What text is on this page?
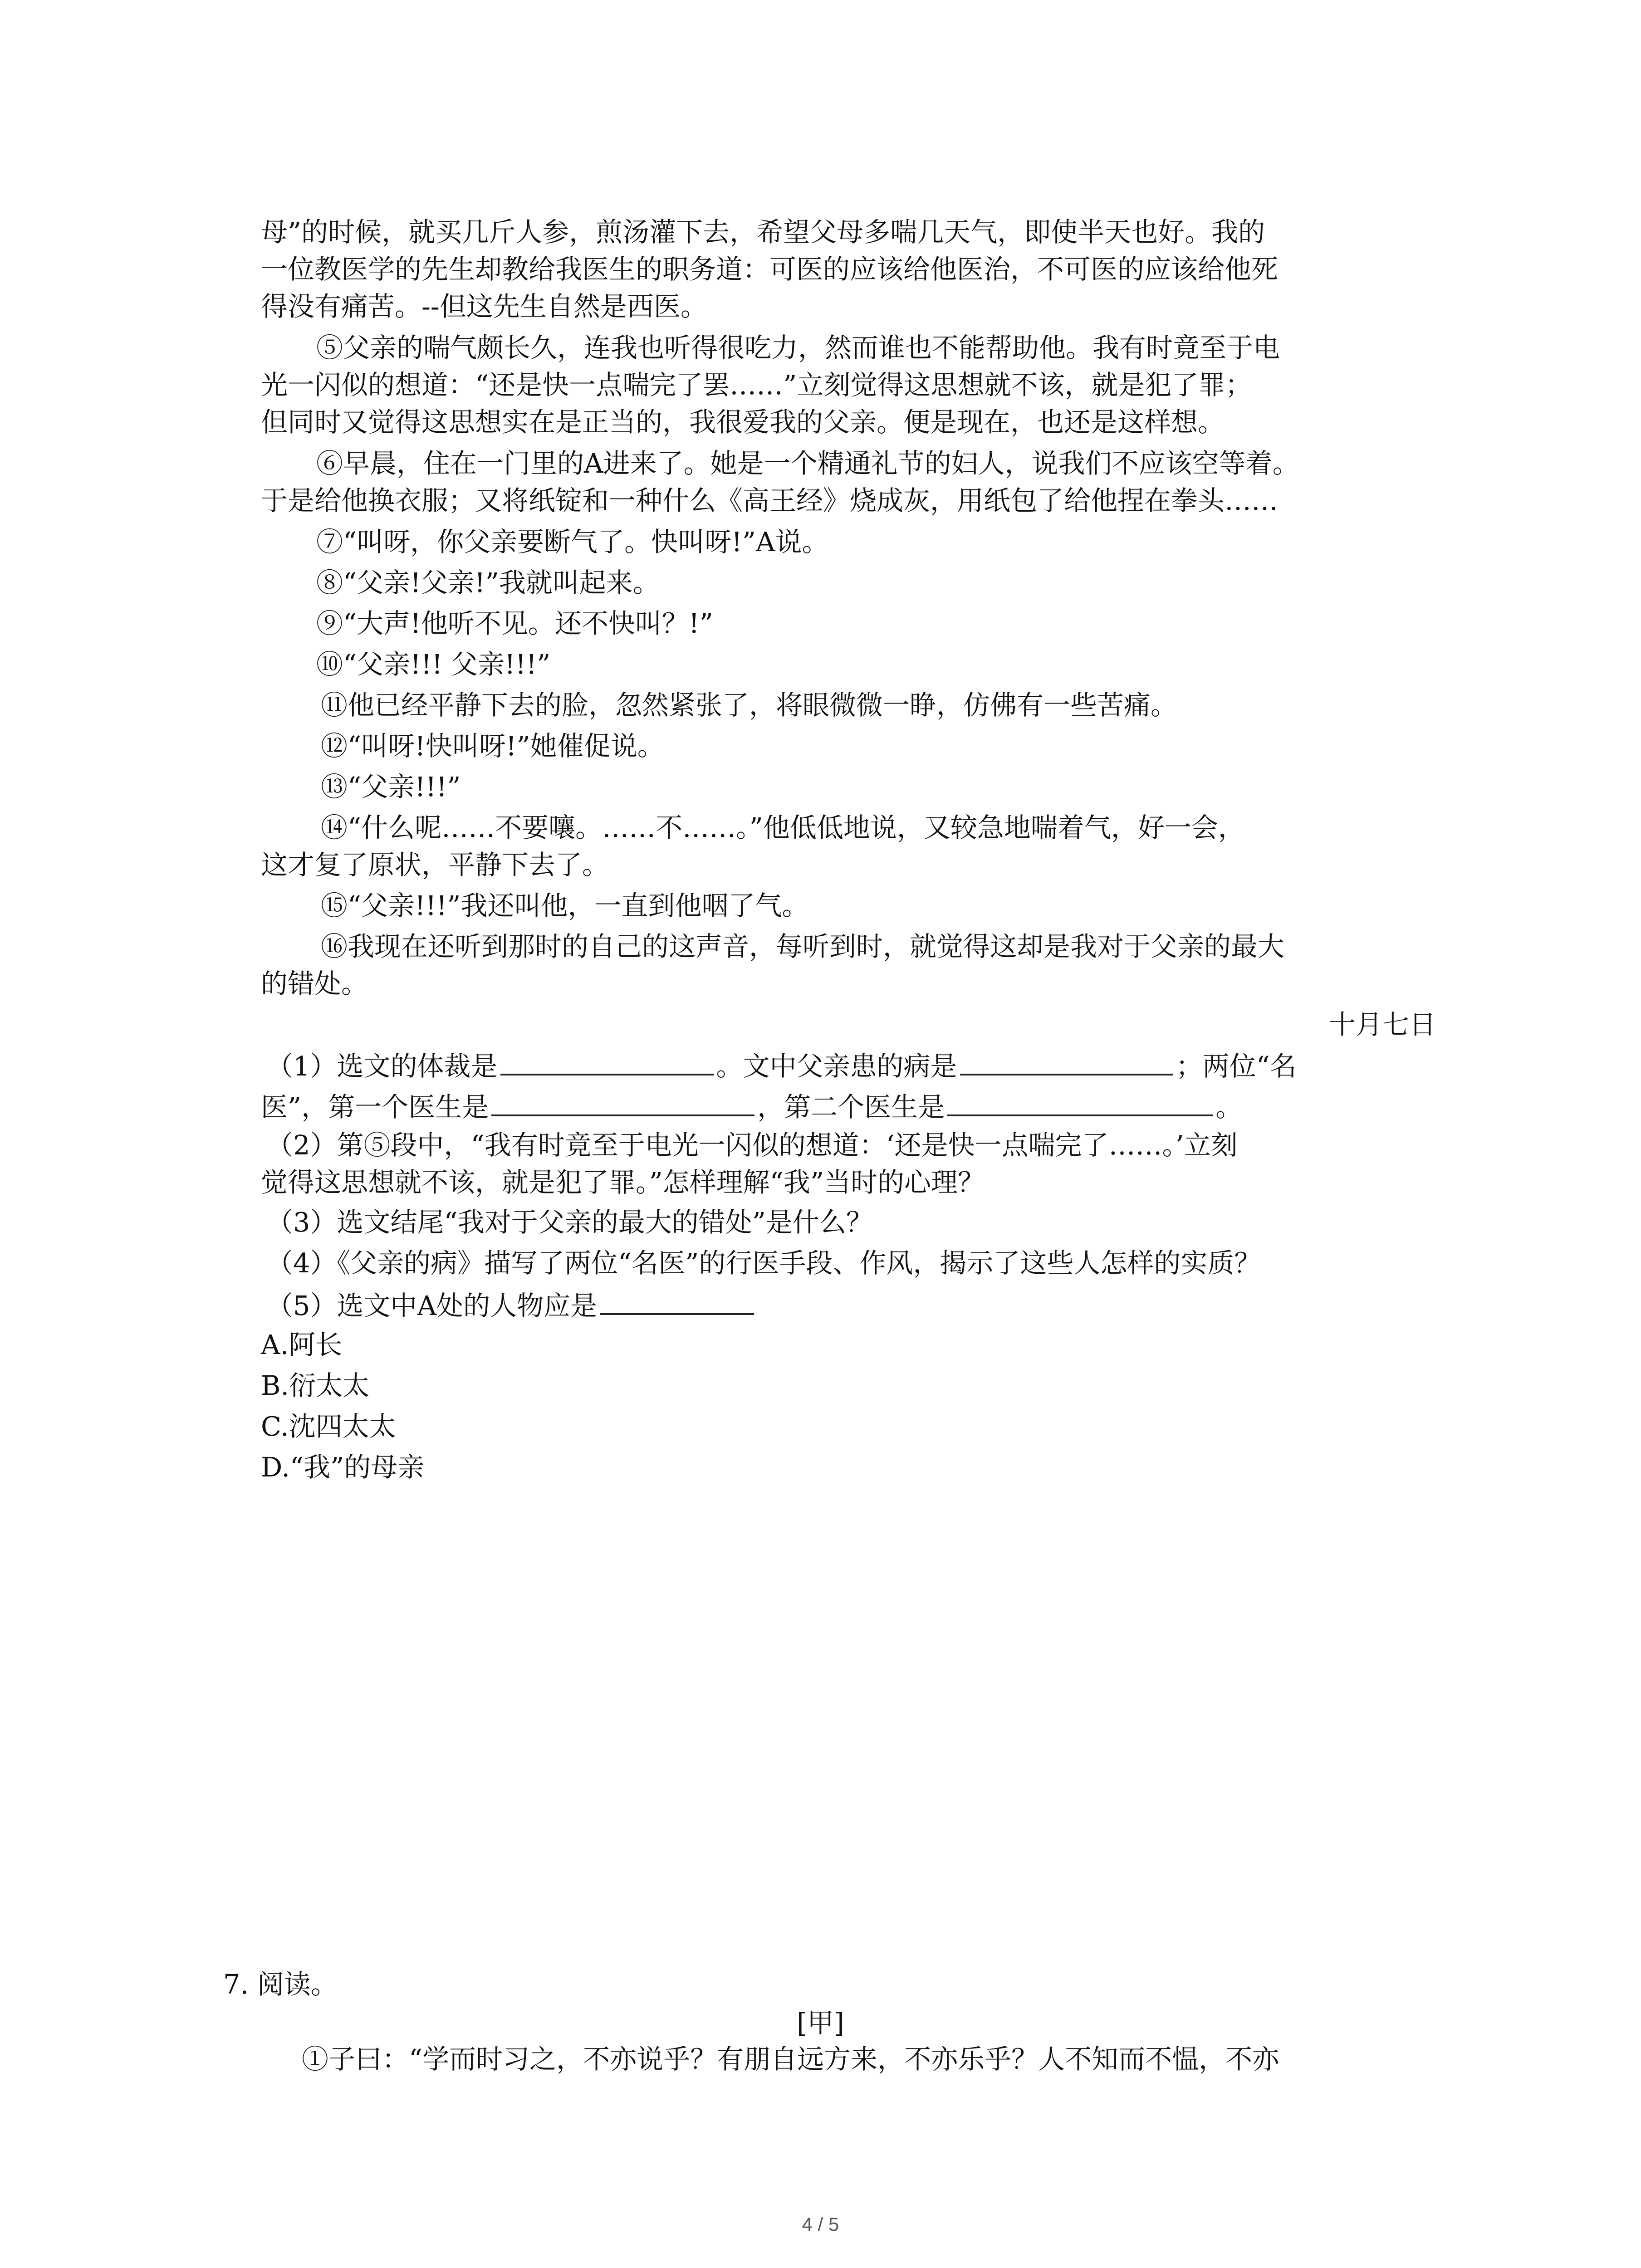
母”的时候，就买几斤人参，煎汤灌下去，希望父母多喘几天气，即使半天也好。我的
一位教医学的先生却教给我医生的职务道：可医的应该给他医治，不可医的应该给他死
得没有痛苦。--但这先生自然是西医。
⑤父亲的喘气颇长久，连我也听得很吃力，然而谁也不能帮助他。我有时竟至于电
光一闪似的想道：“还是快一点喘完了罢……”立刻觉得这思想就不该，就是犯了罪；
但同时又觉得这思想实在是正当的，我很爱我的父亲。便是现在，也还是这样想。
⑥早晨，住在一门里的A进来了。她是一个精通礼节的妇人，说我们不应该空等着。
于是给他换衣服；又将纸锭和一种什么《高王经》烧成灰，用纸包了给他捏在拳头……
⑦“叫呀，你父亲要断气了。快叫呀!”A说。
⑧“父亲!父亲!”我就叫起来。
⑨“大声!他听不见。还不快叫？!”
⑩“父亲!!! 父亲!!!”
⑪他已经平静下去的脸，忽然紧张了，将眼微微一睁，仿佛有一些苦痛。
⑫“叫呀!快叫呀!”她催促说。
⑬“父亲!!!”
⑭“什么呢……不要嚷。……不……。”他低低地说，又较急地喘着气，好一会，
这才复了原状，平静下去了。
⑮“父亲!!!”我还叫他，一直到他咽了气。
⑯我现在还听到那时的自己的这声音，每听到时，就觉得这却是我对于父亲的最大
的错处。
十月七日
（1）选文的体裁是	。文中父亲患的病是	；两位“名
医”，第一个医生是	，第二个医生是	。
（2）第⑤段中，“我有时竟至于电光一闪似的想道：‘还是快一点喘完了……。’立刻
觉得这思想就不该，就是犯了罪。”怎样理解“我”当时的心理？
（3）选文结尾“我对于父亲的最大的错处”是什么？
（4）《父亲的病》描写了两位“名医”的行医手段、作风，揭示了这些人怎样的实质？
（5）选文中A处的人物应是
A.阿长
B.衍太太
C.沈四太太
D.“我”的母亲
7. 阅读。
[甲]
①子曰：“学而时习之，不亦说乎？有朋自远方来，不亦乐乎？人不知而不愠，不亦
4 / 5
